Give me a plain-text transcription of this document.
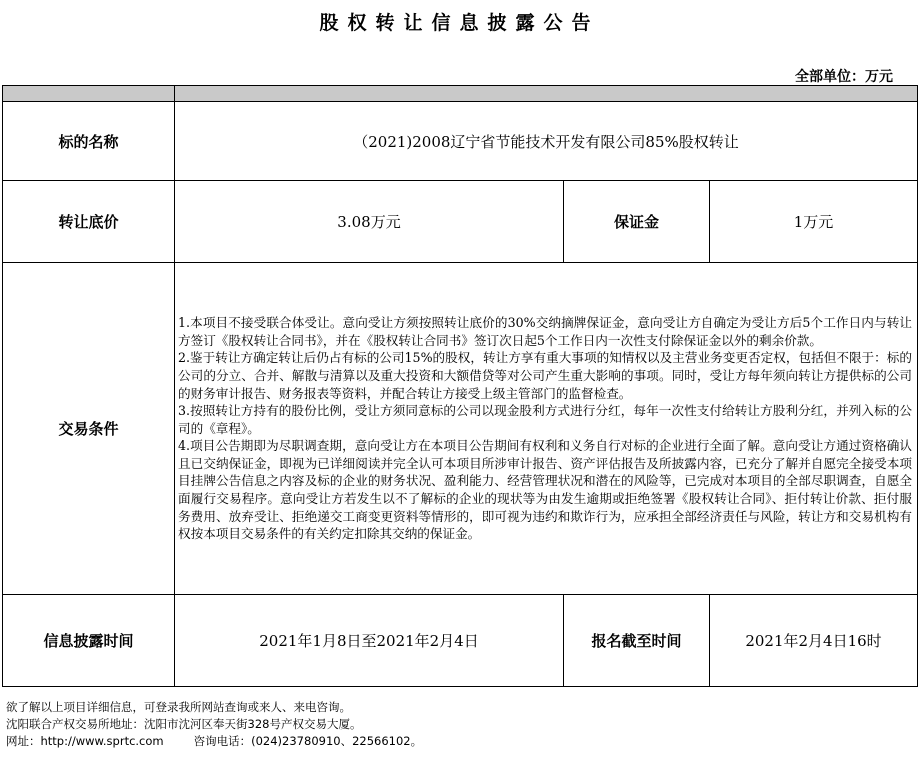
股权转让信息披露公告
全部单位：万元

标的名称	（2021)2008辽宁省节能技术开发有限公司85%股权转让		
转让底价	3.08万元	保证金	1万元
交易条件	1.本项目不接受联合体受让。意向受让方须按照转让底价的30%交纳摘牌保证金，意向受让方自确定为受让方后5个工作日内与转让方签订《股权转让合同书》，并在《股权转让合同书》签订次日起5个工作日内一次性支付除保证金以外的剩余价款。

2.鉴于转让方确定转让后仍占有标的公司15%的股权，转让方享有重大事项的知情权以及主营业务变更否定权，包括但不限于：标的公司的分立、合并、解散与清算以及重大投资和大额借贷等对公司产生重大影响的事项。同时，受让方每年须向转让方提供标的公司的财务审计报告、财务报表等资料，并配合转让方接受上级主管部门的监督检查。

3.按照转让方持有的股份比例，受让方须同意标的公司以现金股利方式进行分红，每年一次性支付给转让方股利分红，并列入标的公司的《章程》。

4.项目公告期即为尽职调查期，意向受让方在本项目公告期间有权利和义务自行对标的企业进行全面了解。意向受让方通过资格确认且已交纳保证金，即视为已详细阅读并完全认可本项目所涉审计报告、资产评估报告及所披露内容，已充分了解并自愿完全接受本项目挂牌公告信息之内容及标的企业的财务状况、盈利能力、经营管理状况和潜在的风险等，已完成对本项目的全部尽职调查，自愿全面履行交易程序。意向受让方若发生以不了解标的企业的现状等为由发生逾期或拒绝签署《股权转让合同》、拒付转让价款、拒付服务费用、放弃受让、拒绝递交工商变更资料等情形的，即可视为违约和欺诈行为，应承担全部经济责任与风险，转让方和交易机构有权按本项目交易条件的有关约定扣除其交纳的保证金。		

信息披露时间	2021年1月8日至2021年2月4日	报名截至时间	2021年2月4日16时
欲了解以上项目详细信息，可登录我所网站查询或来人、来电咨询。
沈阳联合产权交易所地址：沈阳市沈河区奉天街328号产权交易大厦。
网址：http://www.sprtc.com	咨询电话：(024)23780910、22566102。
